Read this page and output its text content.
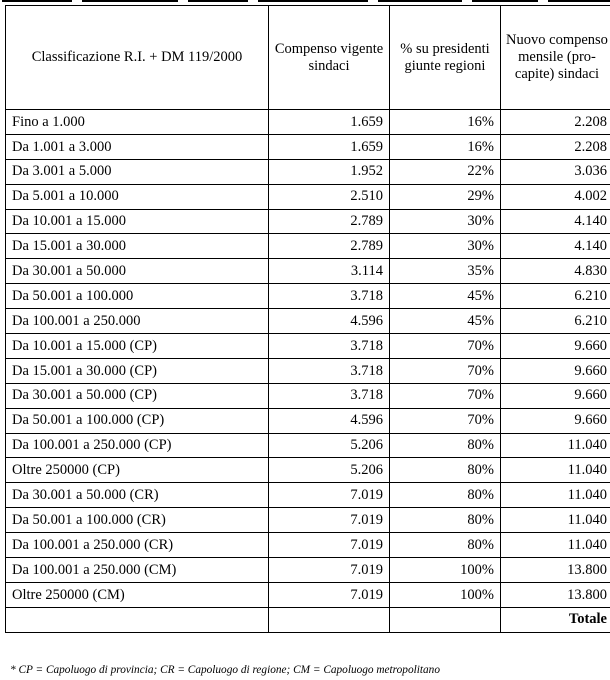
Classificazione R.I. + DM 119/2000	Compenso vigente sindaci	% su presidenti giunte regioni	Nuovo compenso mensile (pro-capite) sindaci
Fino a 1.000	1.659	16%	2.208
Da 1.001 a 3.000	1.659	16%	2.208
Da 3.001 a 5.000	1.952	22%	3.036
Da 5.001 a 10.000	2.510	29%	4.002
Da 10.001 a 15.000	2.789	30%	4.140
Da 15.001 a 30.000	2.789	30%	4.140
Da 30.001 a 50.000	3.114	35%	4.830
Da 50.001 a 100.000	3.718	45%	6.210
Da 100.001 a 250.000	4.596	45%	6.210
Da 10.001 a 15.000 (CP)	3.718	70%	9.660
Da 15.001 a 30.000 (CP)	3.718	70%	9.660
Da 30.001 a 50.000 (CP)	3.718	70%	9.660
Da 50.001 a 100.000 (CP)	4.596	70%	9.660
Da 100.001 a 250.000 (CP)	5.206	80%	11.040
Oltre 250000 (CP)	5.206	80%	11.040
Da 30.001 a 50.000 (CR)	7.019	80%	11.040
Da 50.001 a 100.000 (CR)	7.019	80%	11.040
Da 100.001 a 250.000 (CR)	7.019	80%	11.040
Da 100.001 a 250.000 (CM)	7.019	100%	13.800
Oltre 250000 (CM)	7.019	100%	13.800
			Totale
* CP = Capoluogo di provincia; CR = Capoluogo di regione; CM = Capoluogo metropolitano
